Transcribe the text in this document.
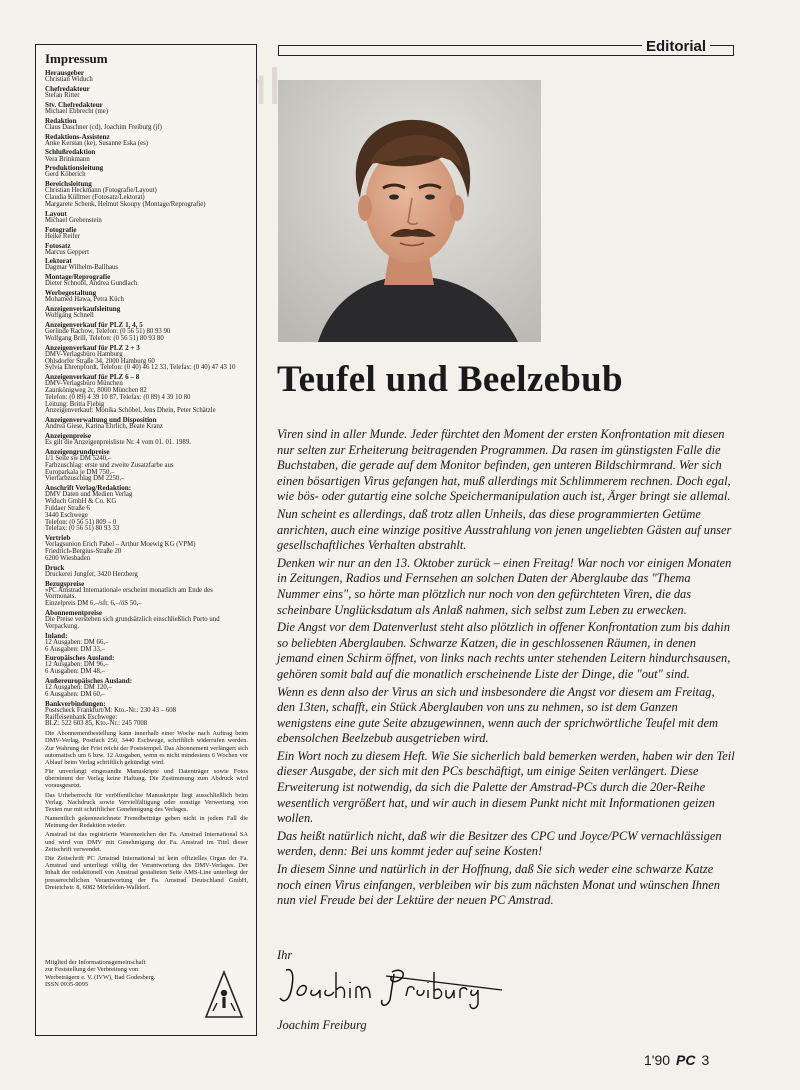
Impressum
Herausgeber
Christian Widuch
Chefredakteur
Stefan Ritter
Stv. Chefredakteur
Michael Ebbrecht (me)
Redaktion
Claus Daschner (cd), Joachim Freiburg (jf)
Redaktions-Assistenz
Anke Kerstan (ke), Susanne Eska (es)
Schlußredaktion
Vera Brinkmann
Produktionsleitung
Gerd Köberich
Bereichsleitung
Christian Heckmann (Fotografie/Layout)
Claudia Küllmer (Fotosatz/Lektorat)
Margarete Schenk, Helmut Skoupy (Montage/Reprografie)
Layout
Michael Grebenstein
Fotografie
Heike Reifer
Fotosatz
Marcus Geppert
Lektorat
Dagmar Wilhelm-Ballhaus
Montage/Reprografie
Dieter Schnobl, Andrea Gundlach
Werbegestaltung
Mohamed Hawa, Petra Küch
Anzeigenverkaufsleitung
Wolfgang Schnell
Anzeigenverkauf für PLZ 1, 4, 5
Gerlinde Rachow, Telefon: (0 56 51) 80 93 90
Wolfgang Brill, Telefon: (0 56 51) 80 93 80
Anzeigenverkauf für PLZ 2 + 3
DMV-Verlagsbüro Hamburg
Ohlsdorfer Straße 34, 2000 Hamburg 60
Sylvia Ehrenpfordt, Telefon: (0 40) 46 12 33, Telefax: (0 40) 47 43 10
Anzeigenverkauf für PLZ 6 – 8
DMV-Verlagsbüro München
Zaunkönigweg 2c, 8000 München 82
Telefon: (0 89) 4 39 10 87, Telefax: (0 89) 4 39 10 80
Leitung: Britta Fiebig
Anzeigenverkauf: Monika Schöbel, Jens Dhein, Peter Schätzle
Anzeigenverwaltung und Disposition
Andrea Giese, Karina Ehrlich, Beate Kranz
Anzeigenpreise
Es gilt die Anzeigenpreisliste Nr. 4 vom 01. 01. 1989.
Anzeigengrundpreise
1/1 Seite sw DM 5240,–
Farbzuschlag: erste und zweite Zusatzfarbe aus
Europarkala je DM 750,–
Vierfarbzuschlag DM 2250,–
Anschrift Verlag/Redaktion:
DMV Daten und Medien Verlag
Widuch GmbH & Co. KG
Fuldaer Straße 6
3440 Eschwege
Telefon: (0 56 51) 809 – 0
Telefax: (0 56 51) 80 93 33
Vertrieb
Verlagsunion Erich Pabel – Arthur Moewig KG (VPM)
Friedrich-Bergius-Straße 20
6200 Wiesbaden
Druck
Druckerei Jungfer, 3420 Herzberg
Bezugspreise
»PC Amstrad International« erscheint monatlich am Ende des
Vormonats.
Einzelpreis DM 6,–/sfr. 6,–/öS 50,–
Abonnementpreise
Die Preise verstehen sich grundsätzlich einschließlich Porto und
Verpackung.
Inland:
12 Ausgaben: DM 66,–
6 Ausgaben: DM 33,–
Europäisches Ausland:
12 Ausgaben: DM 96,–
6 Ausgaben: DM 48,–
Außereuropäisches Ausland:
12 Ausgaben: DM 120,–
6 Ausgaben: DM 60,–
Bankverbindungen:
Postscheck Frankfurt/M: Kto.-Nr.: 230 43 – 608
Raiffeisenbank Eschwege:
BLZ: 522 603 85, Kto.-Nr.: 245 7008
Die Abonnementbestellung kann innerhalb einer Woche nach Auftrag beim DMV-Verlag, Postfach 250, 3440 Eschwege, schriftlich widerrufen werden. Zur Wahrung der Frist reicht der Poststempel. Das Abonnement verlängert sich automatisch um 6 bzw. 12 Ausgaben, wenn es nicht mindestens 6 Wochen vor Ablauf beim Verlag schriftlich gekündigt wird.
Für unverlangt eingesandte Manuskripte und Datenträger sowie Fotos übernimmt der Verlag keine Haftung. Die Zustimmung zum Abdruck wird vorausgesetzt.
Das Urheberrecht für veröffentlichte Manuskripte liegt ausschließlich beim Verlag. Nachdruck sowie Vervielfältigung oder sonstige Verwertung von Texten nur mit schriftlicher Genehmigung des Verlages.
Namentlich gekennzeichnete Fremdbeiträge geben nicht in jedem Fall die Meinung der Redaktion wieder.
Amstrad ist das registrierte Warenzeichen der Fa. Amstrad International SA und wird von DMV mit Genehmigung der Fa. Amstrad im Titel dieser Zeitschrift verwendet.
Die Zeitschrift PC Amstrad International ist kein offizielles Organ der Fa. Amstrad und unterliegt völlig der Verantwortung des DMV-Verlages. Der Inhalt der redaktionell von Amstrad gestalteten Seite AMS-Line unterliegt der presserechtlichen Verantwortung der Fa. Amstrad Deutschland GmbH, Dreieichstr. 8, 6082 Mörfelden-Walldorf.
Mitglied der Informationsgemeinschaft
zur Feststellung der Verbreitung von
Werbeträgern e. V. (IVW), Bad Godesberg.
ISSN 0935-9095
Editorial
Teufel und Beelzebub

Viren sind in aller Munde. Jeder fürchtet den Moment der ersten Konfrontation mit diesen nur selten zur Erheiterung beitragenden Programmen. Da rasen im günstigsten Falle die Buchstaben, die gerade auf dem Monitor befinden, gen unteren Bildschirmrand. Wer sich einen bösartigen Virus gefangen hat, muß allerdings mit Schlimmerem rechnen. Doch egal, wie bös- oder gutartig eine solche Speichermanipulation auch ist, Ärger bringt sie allemal.

Nun scheint es allerdings, daß trotz allen Unheils, das diese programmierten Getüme anrichten, auch eine winzige positive Ausstrahlung von jenen ungeliebten Gästen auf unser gesellschaftliches Verhalten abstrahlt.

Denken wir nur an den 13. Oktober zurück – einen Freitag! War noch vor einigen Monaten in Zeitungen, Radios und Fernsehen an solchen Daten der Aberglaube das "Thema Nummer eins", so hörte man plötzlich nur noch von den gefürchteten Viren, die das scheinbare Unglücksdatum als Anlaß nahmen, sich selbst zum Leben zu erwecken.

Die Angst vor dem Datenverlust steht also plötzlich in offener Konfrontation zum bis dahin so beliebten Aberglauben. Schwarze Katzen, die in geschlossenen Räumen, in denen jemand einen Schirm öffnet, von links nach rechts unter stehenden Leitern hindurchsausen, gehören somit bald auf die monatlich erscheinende Liste der Dinge, die "out" sind.

Wenn es denn also der Virus an sich und insbesondere die Angst vor diesem am Freitag, den 13ten, schafft, ein Stück Aberglauben von uns zu nehmen, so ist dem Ganzen wenigstens eine gute Seite abzugewinnen, wenn auch der sprichwörtliche Teufel mit dem ebensolchen Beelzebub ausgetrieben wird.

Ein Wort noch zu diesem Heft. Wie Sie sicherlich bald bemerken werden, haben wir den Teil dieser Ausgabe, der sich mit den PCs beschäftigt, um einige Seiten verlängert. Diese Erweiterung ist notwendig, da sich die Palette der Amstrad-PCs durch die 20er-Reihe wesentlich vergrößert hat, und wir auch in diesem Punkt nicht mit Informationen geizen wollen.

Das heißt natürlich nicht, daß wir die Besitzer des CPC und Joyce/PCW vernachlässigen werden, denn: Bei uns kommt jeder auf seine Kosten!

In diesem Sinne und natürlich in der Hoffnung, daß Sie sich weder eine schwarze Katze noch einen Virus einfangen, verbleiben wir bis zum nächsten Monat und wünschen Ihnen nun viel Freude bei der Lektüre der neuen PC Amstrad.

Ihr
Joachim Freiburg
1'90 PC 3
